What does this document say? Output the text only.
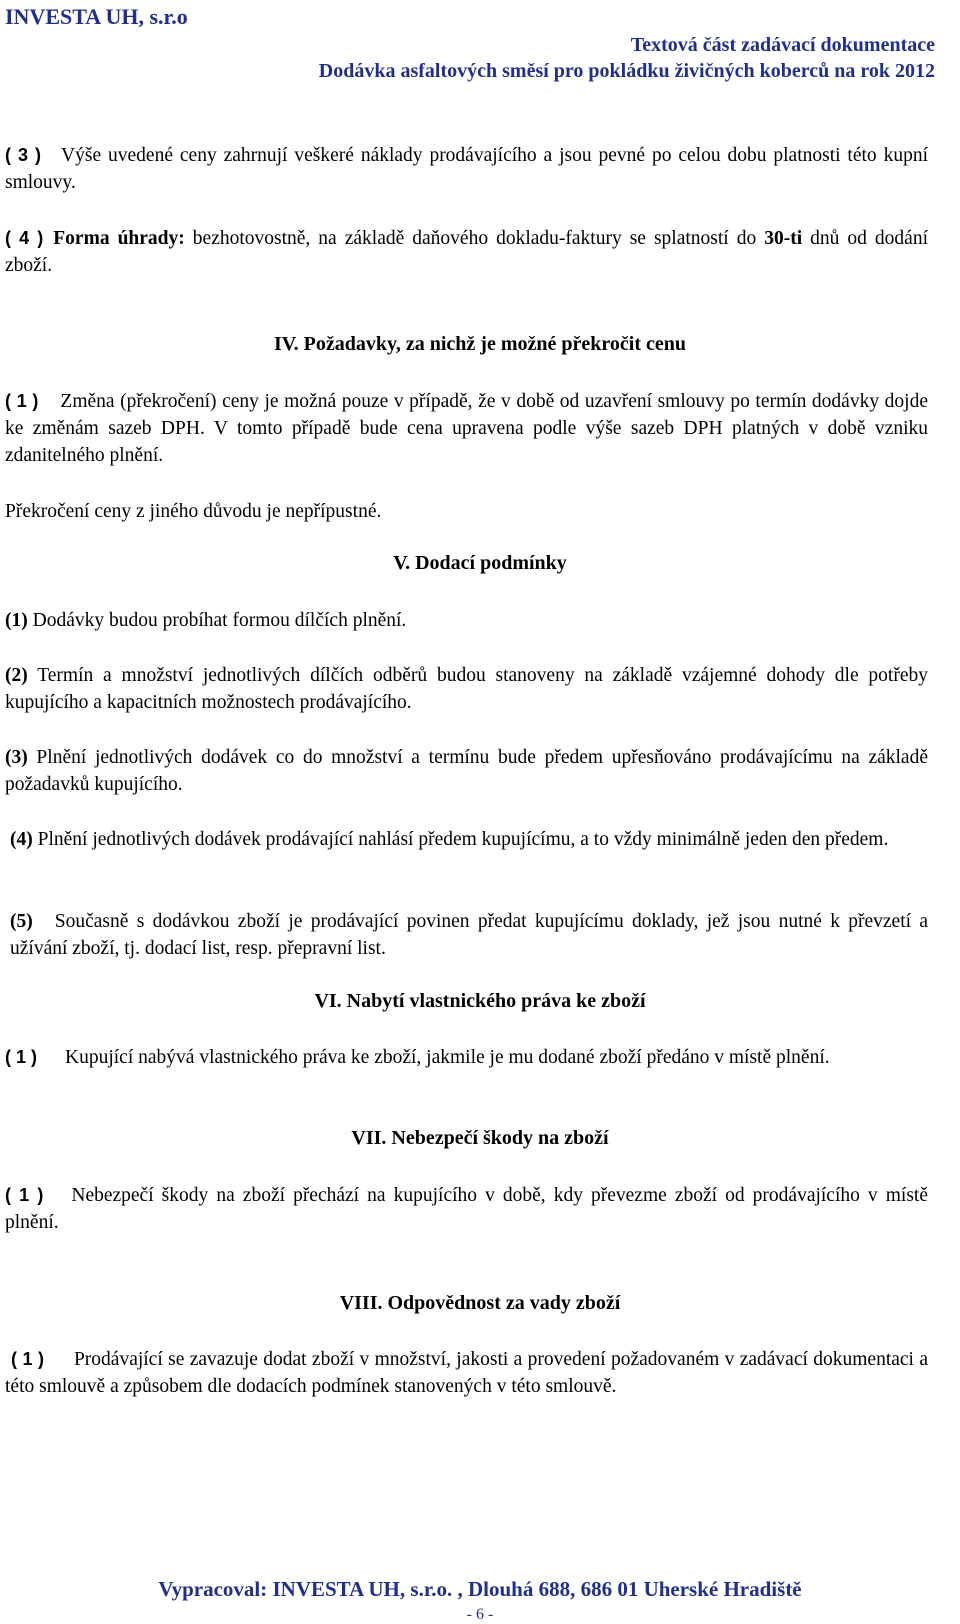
INVESTA UH, s.r.o
Textová část zadávací dokumentace
Dodávka asfaltových směsí pro pokládku živičných koberců na rok 2012

( 3 ) Výše uvedené ceny zahrnují veškeré náklady prodávajícího a jsou pevné po celou dobu platnosti této kupní smlouvy.

( 4 ) Forma úhrady: bezhotovostně, na základě daňového dokladu-faktury se splatností do 30-ti dnů od dodání zboží.

IV. Požadavky, za nichž je možné překročit cenu

( 1 ) Změna (překročení) ceny je možná pouze v případě, že v době od uzavření smlouvy po termín dodávky dojde ke změnám sazeb DPH. V tomto případě bude cena upravena podle výše sazeb DPH platných v době vzniku zdanitelného plnění.

Překročení ceny z jiného důvodu je nepřípustné.

V. Dodací podmínky

(1) Dodávky budou probíhat formou dílčích plnění.

(2) Termín a množství jednotlivých dílčích odběrů budou stanoveny na základě vzájemné dohody dle potřeby kupujícího a kapacitních možnostech prodávajícího.

(3) Plnění jednotlivých dodávek co do množství a termínu bude předem upřesňováno prodávajícímu na základě požadavků kupujícího.

(4) Plnění jednotlivých dodávek prodávající nahlásí předem kupujícímu, a to vždy minimálně jeden den předem.

(5) Současně s dodávkou zboží je prodávající povinen předat kupujícímu doklady, jež jsou nutné k převzetí a užívání zboží, tj. dodací list, resp. přepravní list.

VI. Nabytí vlastnického práva ke zboží

( 1 ) Kupující nabývá vlastnického práva ke zboží, jakmile je mu dodané zboží předáno v místě plnění.

VII. Nebezpečí škody na zboží

( 1 ) Nebezpečí škody na zboží přechází na kupujícího v době, kdy převezme zboží od prodávajícího v místě plnění.

VIII. Odpovědnost za vady zboží

( 1 ) Prodávající se zavazuje dodat zboží v množství, jakosti a provedení požadovaném v zadávací dokumentaci a této smlouvě a způsobem dle dodacích podmínek stanovených v této smlouvě.

Vypracoval: INVESTA UH, s.r.o. , Dlouhá 688, 686 01 Uherské Hradiště
- 6 -
